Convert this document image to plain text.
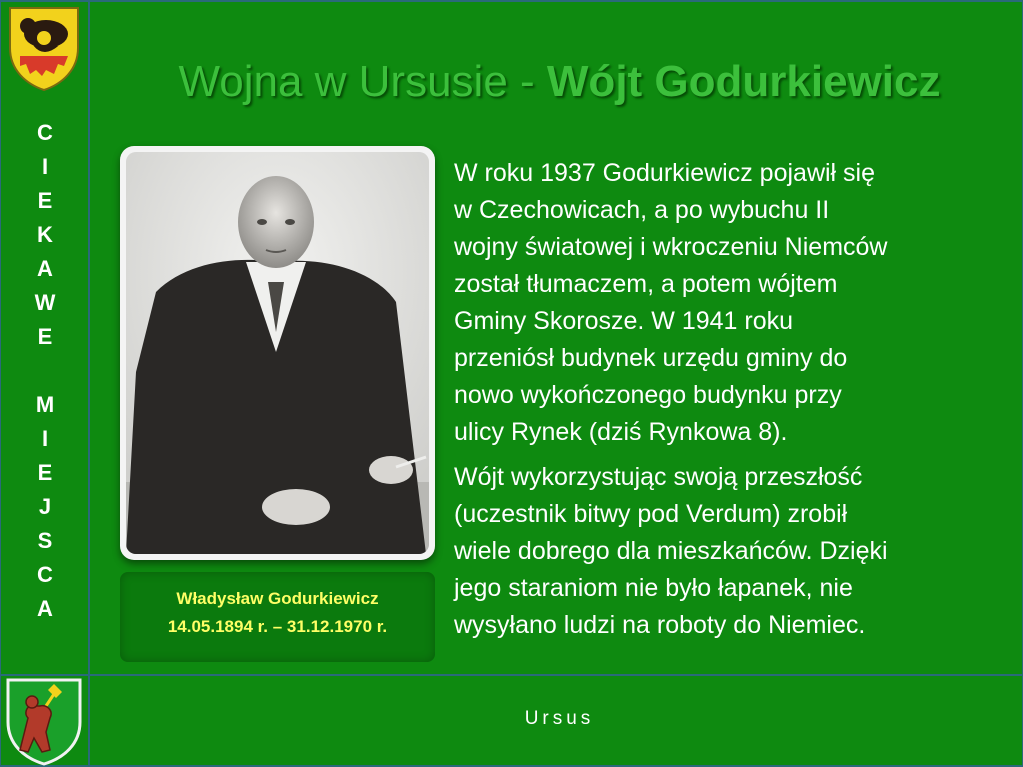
C
I
E
K
A
W
E
M
I
E
J
S
C
A
Wojna w Ursusie - Wójt Godurkiewicz
Władysław Godurkiewicz
14.05.1894 r. – 31.12.1970 r.

W roku 1937 Godurkiewicz pojawił się
w Czechowicach, a po wybuchu II
wojny światowej i wkroczeniu Niemców
został tłumaczem, a potem wójtem
Gminy Skorosze. W 1941 roku
przeniósł budynek urzędu gminy do
nowo wykończonego budynku przy
ulicy Rynek (dziś Rynkowa 8).

Wójt wykorzystując swoją przeszłość
(uczestnik bitwy pod Verdum) zrobił
wiele dobrego dla mieszkańców. Dzięki
jego staraniom nie było łapanek, nie
wysyłano ludzi na roboty do Niemiec.

Ursus
